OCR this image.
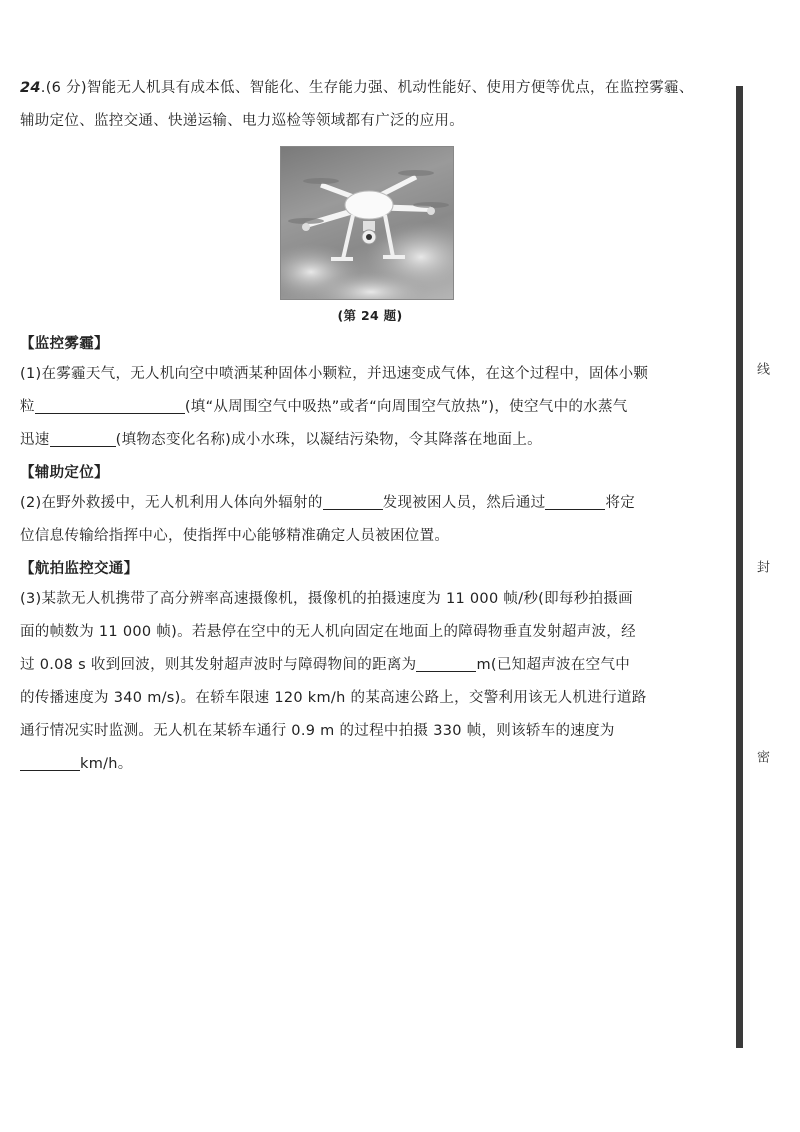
24.(6 分)智能无人机具有成本低、智能化、生存能力强、机动性能好、使用方便等优点，在监控雾霾、
辅助定位、监控交通、快递运输、电力巡检等领域都有广泛的应用。
(第 24 题)
【监控雾霾】
(1)在雾霾天气，无人机向空中喷洒某种固体小颗粒，并迅速变成气体，在这个过程中，固体小颗
粒	(填“从周围空气中吸热”或者“向周围空气放热”)，使空气中的水蒸气
迅速	(填物态变化名称)成小水珠，以凝结污染物，令其降落在地面上。
【辅助定位】
(2)在野外救援中，无人机利用人体向外辐射的	发现被困人员，然后通过	将定
位信息传输给指挥中心，使指挥中心能够精准确定人员被困位置。
【航拍监控交通】
(3)某款无人机携带了高分辨率高速摄像机，摄像机的拍摄速度为 11 000 帧/秒(即每秒拍摄画
面的帧数为 11 000 帧)。若悬停在空中的无人机向固定在地面上的障碍物垂直发射超声波，经
过 0.08 s 收到回波，则其发射超声波时与障碍物间的距离为	m(已知超声波在空气中
的传播速度为 340 m/s)。在轿车限速 120 km/h 的某高速公路上，交警利用该无人机进行道路
通行情况实时监测。无人机在某轿车通行 0.9 m 的过程中拍摄 330 帧，则该轿车的速度为
km/h。
线
封
密
